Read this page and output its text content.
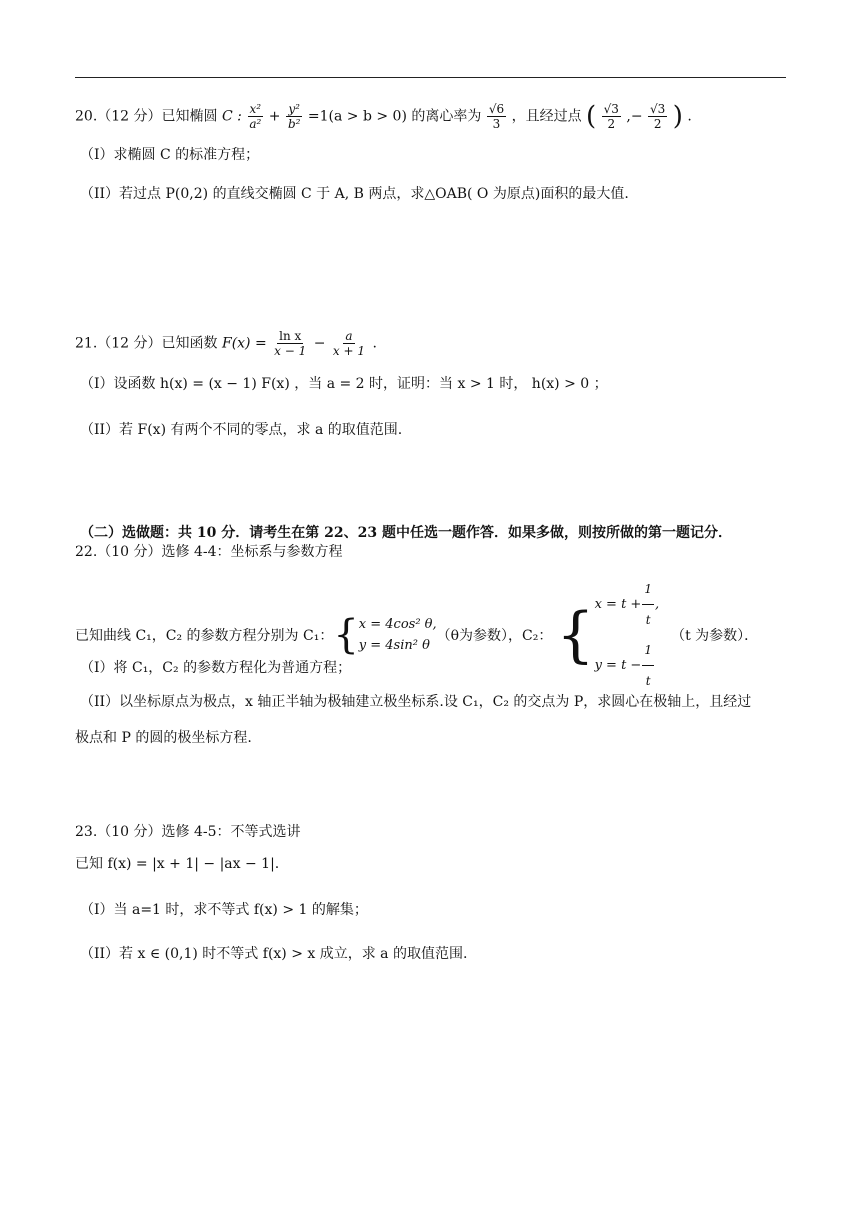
20.（12 分）已知椭圆 C : $\frac{\text{x²}}{\text{a²}} + \frac{\text{y²}}{\text{b²}} =1(a > b > 0)$ 的离心率为 $\frac{√6}{3}$ ，且经过点 ( $\frac{√3}{2}$ ,− $\frac{√3}{2}$ ) .
（I）求椭圆 C 的标准方程；
（II）若过点 P(0,2) 的直线交椭圆 C 于 A, B 两点，求△OAB( O 为原点)面积的最大值.
21.（12 分）已知函数 $F(x) = \frac{\text{ln x}}{x - 1} - \frac{a}{x + 1}$ .
（I）设函数 h(x) = (x − 1) F(x) ，当 a = 2 时，证明：当 x > 1 时， h(x) > 0 ；
（II）若 F(x) 有两个不同的零点，求 a 的取值范围.
（二）选做题：共 10 分．请考生在第 22、23 题中任选一题作答．如果多做，则按所做的第一题记分．
22.（10 分）选修 4-4：坐标系与参数方程
已知曲线 C₁，C₂ 的参数方程分别为 C₁： { x = 4cos² θ,
y = 4sin² θ
（θ为参数），C₂： { $x = t + \frac{1}{t}$ ,
$y = t - \frac{1}{t} (t$ 为参数）．
（I）将 C₁，C₂ 的参数方程化为普通方程；
（II）以坐标原点为极点，x 轴正半轴为极轴建立极坐标系.设 C₁，C₂ 的交点为 P，求圆心在极轴上，且经过
极点和 P 的圆的极坐标方程.
23.（10 分）选修 4-5：不等式选讲
已知 f(x) = |x + 1| − |ax − 1|.
（I）当 a=1 时，求不等式 f(x) > 1 的解集；
（II）若 x ∈ (0,1) 时不等式 f(x) > x 成立，求 a 的取值范围.
